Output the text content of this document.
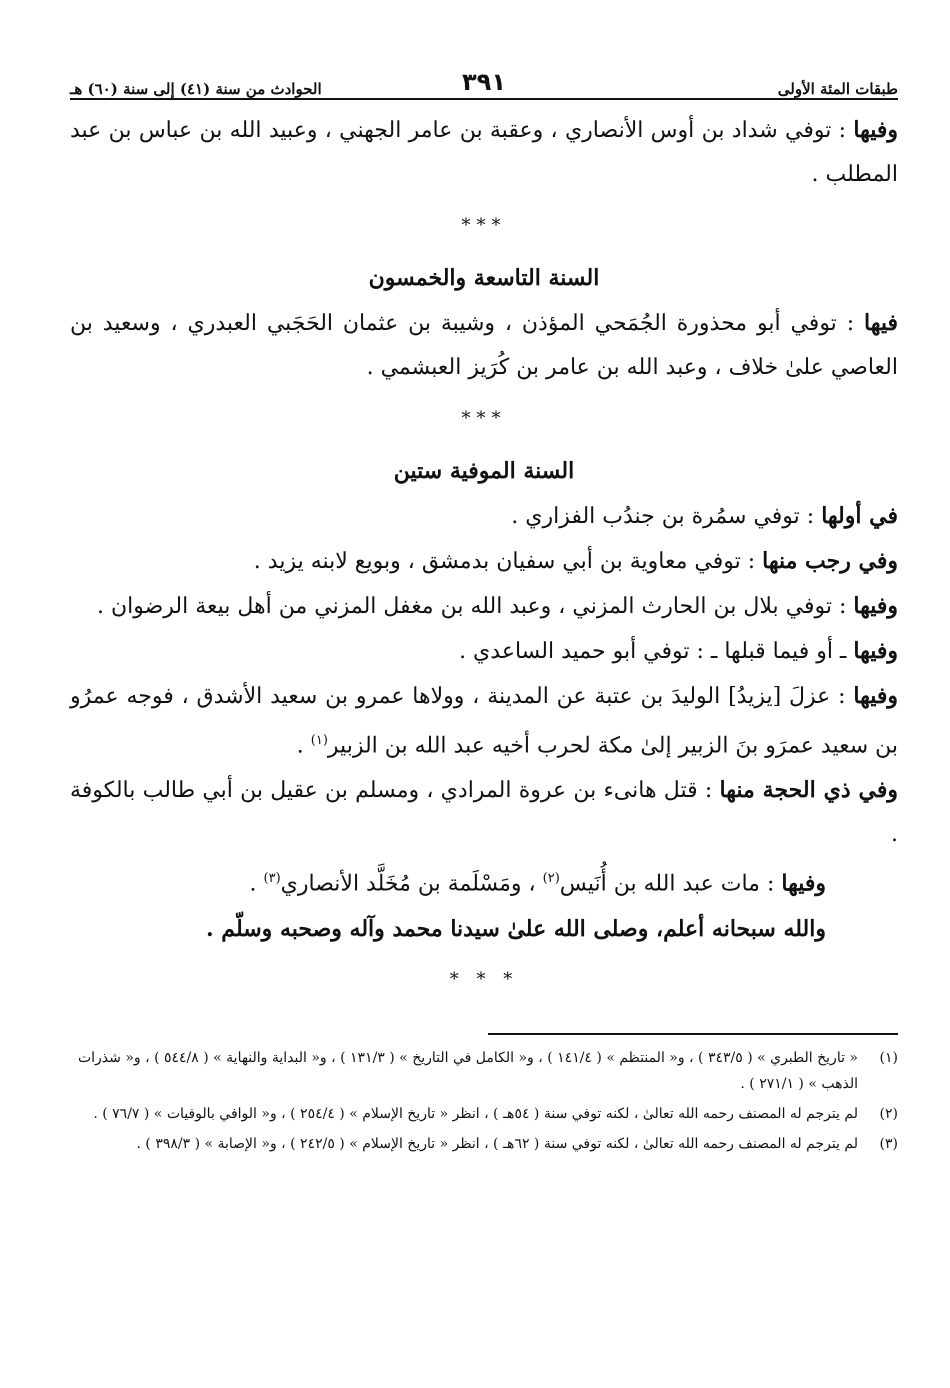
طبقات المئة الأولى
٣٩١
الحوادث من سنة (٤١) إلى سنة (٦٠) هـ

وفيها : توفي شداد بن أوس الأنصاري ، وعقبة بن عامر الجهني ، وعبيد الله بن عباس بن عبد المطلب .

***
السنة التاسعة والخمسون

فيها : توفي أبو محذورة الجُمَحي المؤذن ، وشيبة بن عثمان الحَجَبي العبدري ، وسعيد بن العاصي علىٰ خلاف ، وعبد الله بن عامر بن كُرَيز العبشمي .

***
السنة الموفية ستين

في أولها : توفي سمُرة بن جندُب الفزاري .

وفي رجب منها : توفي معاوية بن أبي سفيان بدمشق ، وبويع لابنه يزيد .

وفيها : توفي بلال بن الحارث المزني ، وعبد الله بن مغفل المزني من أهل بيعة الرضوان .

وفيها ـ أو فيما قبلها ـ : توفي أبو حميد الساعدي .

وفيها : عزلَ [يزيدُ] الوليدَ بن عتبة عن المدينة ، وولاها عمرو بن سعيد الأشدق ، فوجه عمرُو بن سعيد عمرَو بنَ الزبير إلىٰ مكة لحرب أخيه عبد الله بن الزبير$^{(١)}$ .

وفي ذي الحجة منها : قتل هانىء بن عروة المرادي ، ومسلم بن عقيل بن أبي طالب بالكوفة .

وفيها : مات عبد الله بن أُنَيس$^{(٢)}$ ، ومَسْلَمة بن مُخَلَّد الأنصاري$^{(٣)}$ .

والله سبحانه أعلم، وصلى الله علىٰ سيدنا محمد وآله وصحبه وسلّم .

* * *
(١)
« تاريخ الطبري » ( ٣٤٣/٥ ) ، و« المنتظم » ( ١٤١/٤ ) ، و« الكامل في التاريخ » ( ١٣١/٣ ) ، و« البداية والنهاية » ( ٥٤٤/٨ ) ، و« شذرات الذهب » ( ٢٧١/١ ) .
(٢)
لم يترجم له المصنف رحمه الله تعالىٰ ، لكنه توفي سنة ( ٥٤هـ ) ، انظر « تاريخ الإسلام » ( ٢٥٤/٤ ) ، و« الوافي بالوفيات » ( ٧٦/٧ ) .
(٣)
لم يترجم له المصنف رحمه الله تعالىٰ ، لكنه توفي سنة ( ٦٢هـ ) ، انظر « تاريخ الإسلام » ( ٢٤٢/٥ ) ، و« الإصابة » ( ٣٩٨/٣ ) .
